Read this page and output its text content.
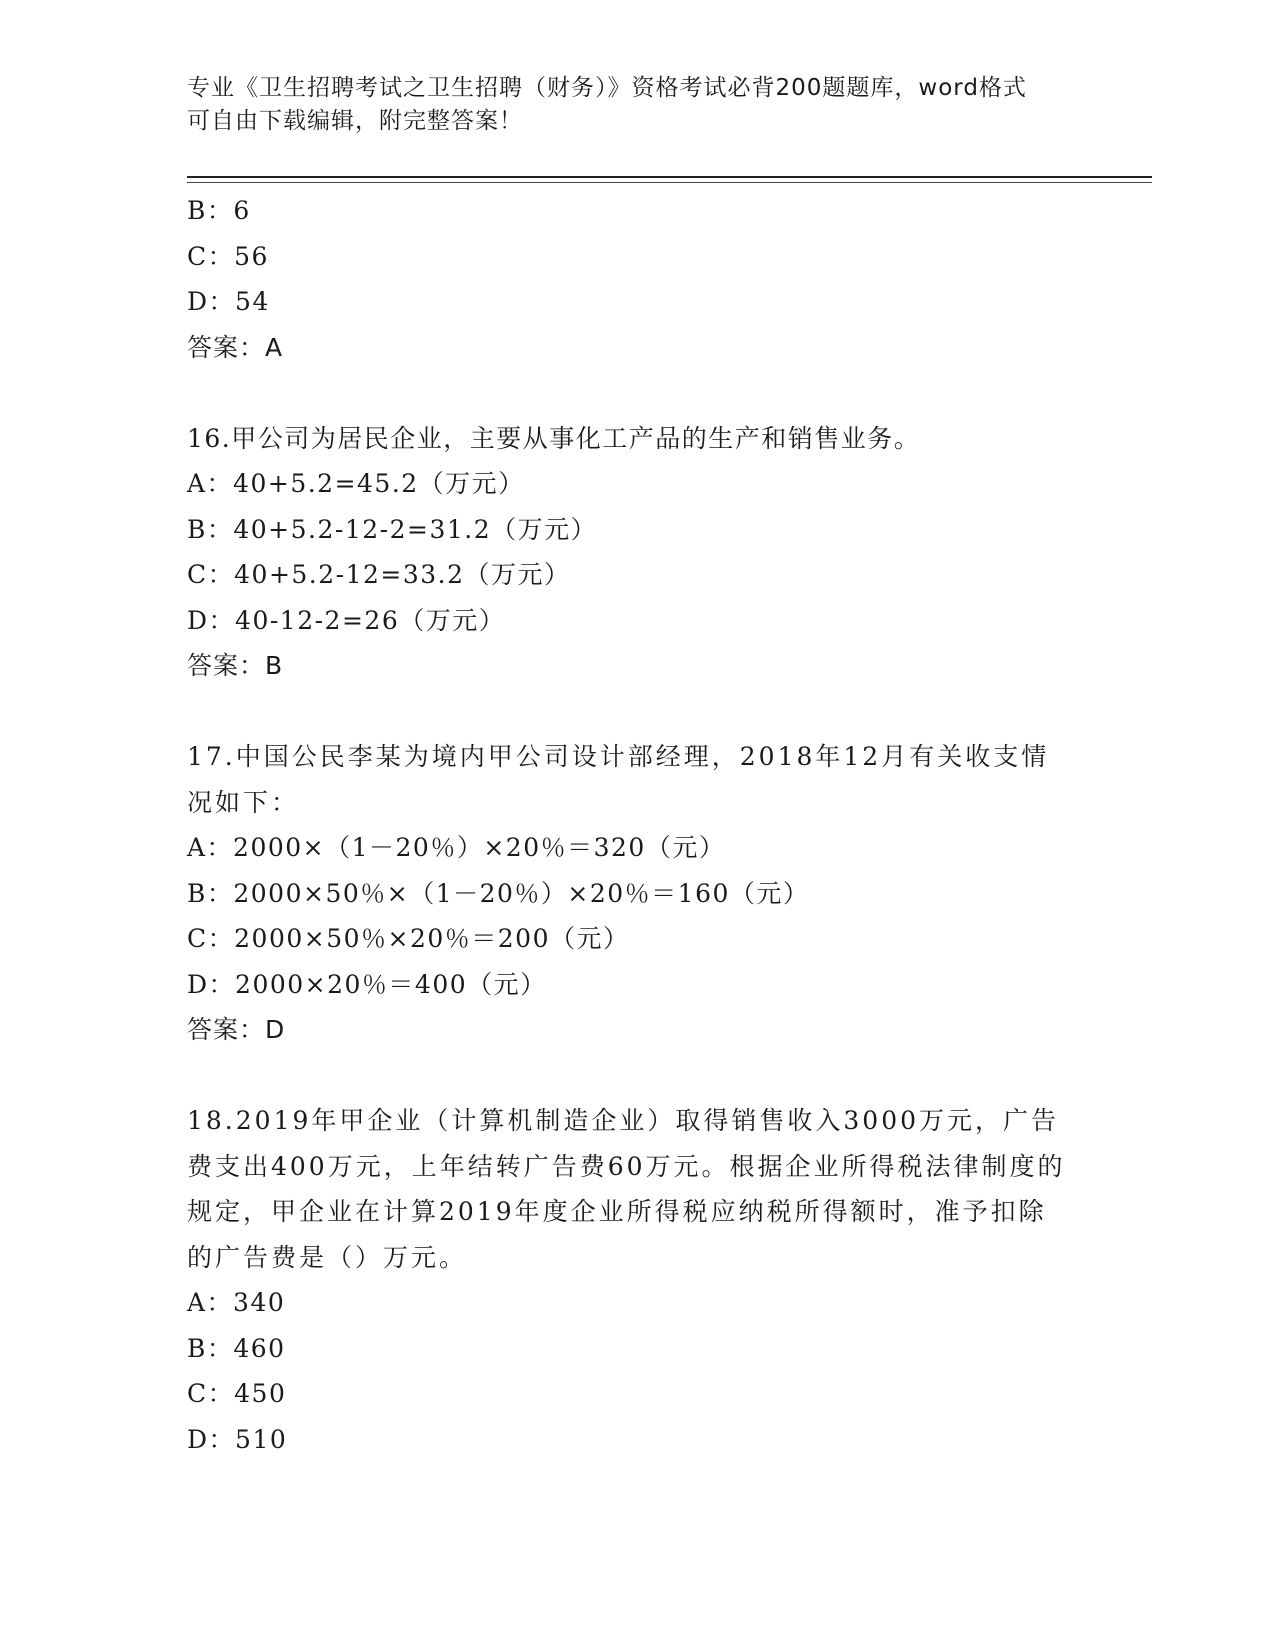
专业《卫生招聘考试之卫生招聘（财务）》资格考试必背200题题库，word格式
可自由下载编辑，附完整答案！
B：6
C：56
D：54
答案：A
16.甲公司为居民企业，主要从事化工产品的生产和销售业务。
A：40+5.2=45.2（万元）
B：40+5.2-12-2=31.2（万元）
C：40+5.2-12=33.2（万元）
D：40-12-2=26（万元）
答案：B
17.中国公民李某为境内甲公司设计部经理，2018年12月有关收支情况如下：
A：2000×（1－20％）×20％＝320（元）
B：2000×50％×（1－20％）×20％＝160（元）
C：2000×50％×20％＝200（元）
D：2000×20％＝400（元）
答案：D
18.2019年甲企业（计算机制造企业）取得销售收入3000万元，广告费支出400万元，上年结转广告费60万元。根据企业所得税法律制度的规定，甲企业在计算2019年度企业所得税应纳税所得额时，准予扣除的广告费是（）万元。
A：340
B：460
C：450
D：510
